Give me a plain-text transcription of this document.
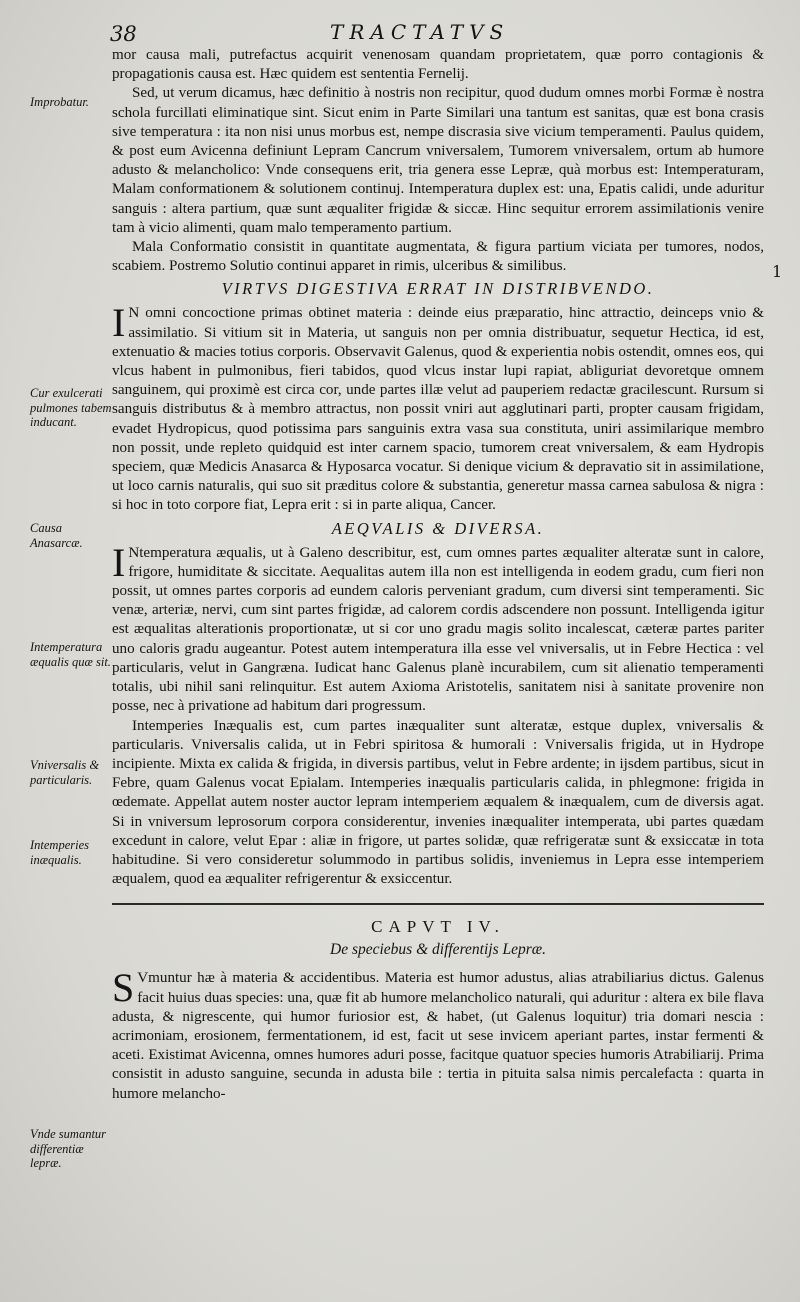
38	TRACTATVS
Improbatur.
Cur exulcerati pulmones tabem inducant.
Causa Anasarcæ.
Intemperatura æqualis quæ sit.
Vniversalis & particularis.
Intemperies inæqualis.
Vnde sumantur differentiæ lepræ.
1

mor causa mali, putrefactus acquirit venenosam quandam proprietatem, quæ porro contagionis & propagationis causa est. Hæc quidem est sententia Fernelij.

Sed, ut verum dicamus, hæc definitio à nostris non recipitur, quod dudum omnes morbi Formæ è nostra schola furcillati eliminatique sint. Sicut enim in Parte Similari una tantum est sanitas, quæ est bona crasis sive temperatura : ita non nisi unus morbus est, nempe discrasia sive vicium temperamenti. Paulus quidem, & post eum Avicenna definiunt Lepram Cancrum vniversalem, Tumorem vniversalem, ortum ab humore adusto & melancholico: Vnde consequens erit, tria genera esse Lepræ, quà morbus est: Intemperaturam, Malam conformationem & solutionem continuj. Intemperatura duplex est: una, Epatis calidi, unde aduritur sanguis : altera partium, quæ sunt æqualiter frigidæ & siccæ. Hinc sequitur errorem assimilationis venire tam à vicio alimenti, quam malo temperamento partium.

Mala Conformatio consistit in quantitate augmentata, & figura partium viciata per tumores, nodos, scabiem. Postremo Solutio continui apparet in rimis, ulceribus & similibus.

VIRTVS DIGESTIVA ERRAT IN DISTRIBVENDO.

IN omni concoctione primas obtinet materia : deinde eius præparatio, hinc attractio, deinceps vnio & assimilatio. Si vitium sit in Materia, ut sanguis non per omnia distribuatur, sequetur Hectica, id est, extenuatio & macies totius corporis. Observavit Galenus, quod & experientia nobis ostendit, omnes eos, qui vlcus habent in pulmonibus, fieri tabidos, quod vlcus instar lupi rapiat, abliguriat devoretque omnem sanguinem, qui proximè est circa cor, unde partes illæ velut ad pauperiem redactæ gracilescunt. Rursum si sanguis distributus & à membro attractus, non possit vniri aut agglutinari parti, propter causam frigidam, evadet Hydropicus, quod potissima pars sanguinis extra vasa sua constituta, uniri assimilarique membro non possit, unde repleto quidquid est inter carnem spacio, tumorem creat vniversalem, & eam Hydropis speciem, quæ Medicis Anasarca & Hyposarca vocatur. Si denique vicium & depravatio sit in assimilatione, ut loco carnis naturalis, qui suo sit præditus colore & substantia, generetur massa carnea sabulosa & nigra : si hoc in toto corpore fiat, Lepra erit : si in parte aliqua, Cancer.

AEQVALIS & DIVERSA.

INtemperatura æqualis, ut à Galeno describitur, est, cum omnes partes æqualiter alteratæ sunt in calore, frigore, humiditate & siccitate. Aequalitas autem illa non est intelligenda in eodem gradu, cum fieri non possit, ut omnes partes corporis ad eundem caloris perveniant gradum, cum diversi sint temperamenti. Sic venæ, arteriæ, nervi, cum sint partes frigidæ, ad calorem cordis adscendere non possunt. Intelligenda igitur est æqualitas alterationis proportionatæ, ut si cor uno gradu magis solito incalescat, cæteræ partes pariter uno caloris gradu augeantur. Potest autem intemperatura illa esse vel vniversalis, ut in Febre Hectica : vel particularis, velut in Gangræna. Iudicat hanc Galenus planè incurabilem, cum sit alienatio temperamenti totalis, ubi nihil sani relinquitur. Est autem Axioma Aristotelis, sanitatem nisi à sanitate provenire non posse, nec à privatione ad habitum dari progressum.

Intemperies Inæqualis est, cum partes inæqualiter sunt alteratæ, estque duplex, vniversalis & particularis. Vniversalis calida, ut in Febri spiritosa & humorali : Vniversalis frigida, ut in Hydrope incipiente. Mixta ex calida & frigida, in diversis partibus, velut in Febre ardente; in ijsdem partibus, sicut in Febre, quam Galenus vocat Epialam. Intemperies inæqualis particularis calida, in phlegmone: frigida in œdemate. Appellat autem noster auctor lepram intemperiem æqualem & inæqualem, cum de diversis agat. Si in vniversum leprosorum corpora considerentur, invenies inæqualiter intemperata, ubi partes quædam excedunt in calore, velut Epar : aliæ in frigore, ut partes solidæ, quæ refrigeratæ sunt & exsiccatæ in tota habitudine. Si vero consideretur solummodo in partibus solidis, inveniemus in Lepra esse intemperiem æqualem, quod ea æqualiter refrigerentur & exsiccentur.

CAPVT IV.
De speciebus & differentijs Lepræ.

SVmuntur hæ à materia & accidentibus. Materia est humor adustus, alias atrabiliarius dictus. Galenus facit huius duas species: una, quæ fit ab humore melancholico naturali, qui aduritur : altera ex bile flava adusta, & nigrescente, qui humor furiosior est, & habet, (ut Galenus loquitur) tria domari nescia : acrimoniam, erosionem, fermentationem, id est, facit ut sese invicem aperiant partes, instar fermenti & aceti. Existimat Avicenna, omnes humores aduri posse, facitque quatuor species humoris Atrabiliarij. Prima consistit in adusto sanguine, secunda in adusta bile : tertia in pituita salsa nimis percalefacta : quarta in humore melancho-
